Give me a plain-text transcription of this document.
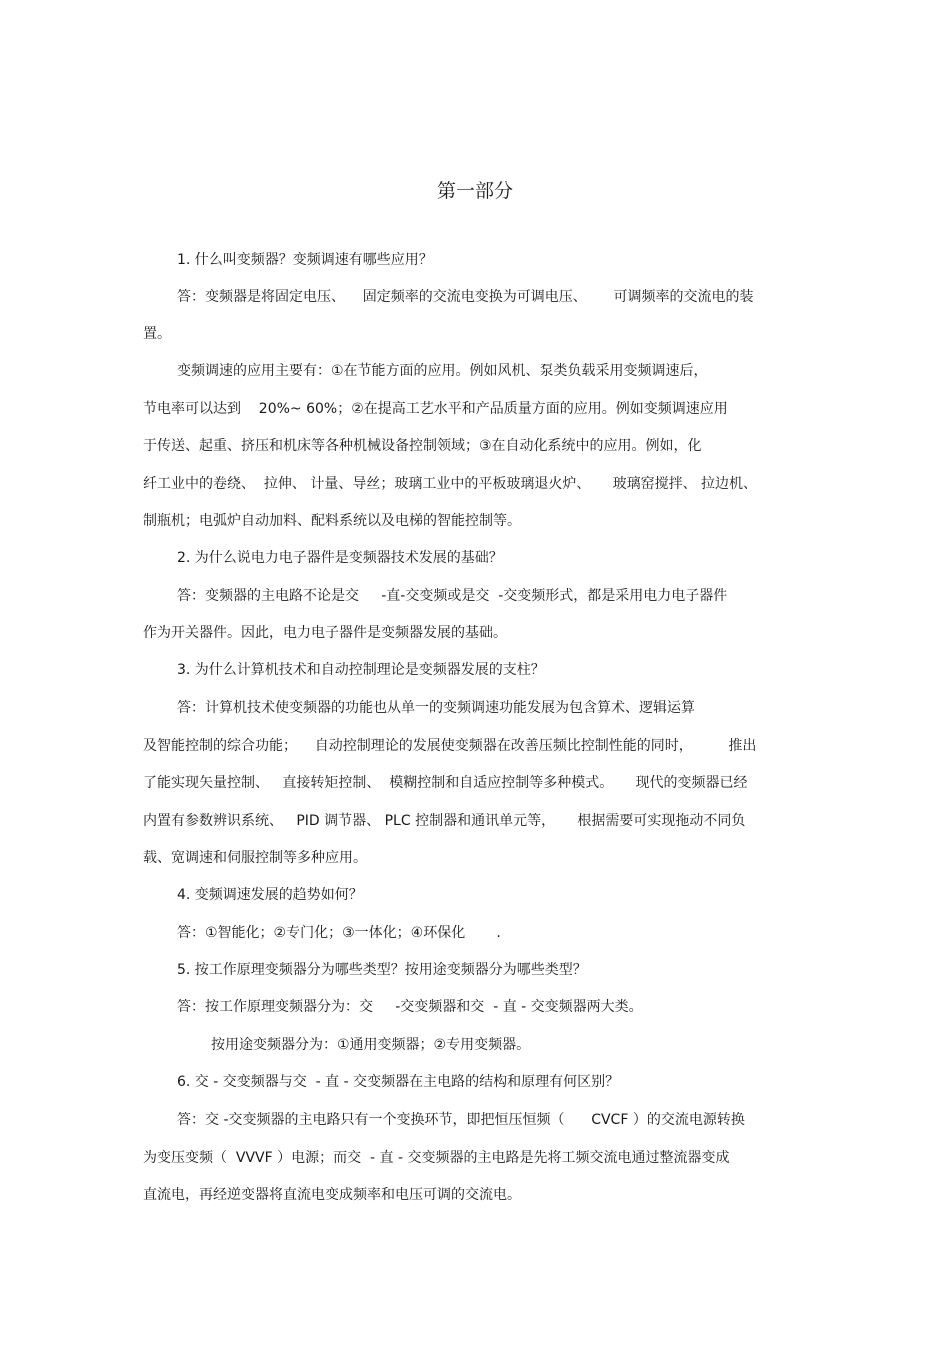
第一部分
1. 什么叫变频器？变频调速有哪些应用？
答：变频器是将固定电压、    固定频率的交流电变换为可调电压、      可调频率的交流电的装
置。
变频调速的应用主要有：①在节能方面的应用。例如风机、泵类负载采用变频调速后，
节电率可以达到    20%~ 60%；②在提高工艺水平和产品质量方面的应用。例如变频调速应用
于传送、起重、挤压和机床等各种机械设备控制领域；③在自动化系统中的应用。例如，化
纤工业中的卷绕、  拉伸、 计量、导丝；玻璃工业中的平板玻璃退火炉、     玻璃窑搅拌、 拉边机、
制瓶机；电弧炉自动加料、配料系统以及电梯的智能控制等。
2. 为什么说电力电子器件是变频器技术发展的基础？
答：变频器的主电路不论是交     -直-交变频或是交  -交变频形式，都是采用电力电子器件
作为开关器件。因此，电力电子器件是变频器发展的基础。
3. 为什么计算机技术和自动控制理论是变频器发展的支柱？
答：计算机技术使变频器的功能也从单一的变频调速功能发展为包含算术、逻辑运算
及智能控制的综合功能；    自动控制理论的发展使变频器在改善压频比控制性能的同时，        推出
了能实现矢量控制、   直接转矩控制、  模糊控制和自适应控制等多种模式。     现代的变频器已经
内置有参数辨识系统、   PID 调节器、 PLC 控制器和通讯单元等，     根据需要可实现拖动不同负
载、宽调速和伺服控制等多种应用。
4. 变频调速发展的趋势如何？
答：①智能化；②专门化；③一体化；④环保化       .
5. 按工作原理变频器分为哪些类型？按用途变频器分为哪些类型？
答：按工作原理变频器分为：交     -交变频器和交  - 直 - 交变频器两大类。
按用途变频器分为：①通用变频器；②专用变频器。
6. 交 - 交变频器与交  - 直 - 交变频器在主电路的结构和原理有何区别？
答：交 -交变频器的主电路只有一个变换环节，即把恒压恒频（      CVCF ）的交流电源转换
为变压变频（  VVVF ）电源；而交  - 直 - 交变频器的主电路是先将工频交流电通过整流器变成
直流电，再经逆变器将直流电变成频率和电压可调的交流电。
